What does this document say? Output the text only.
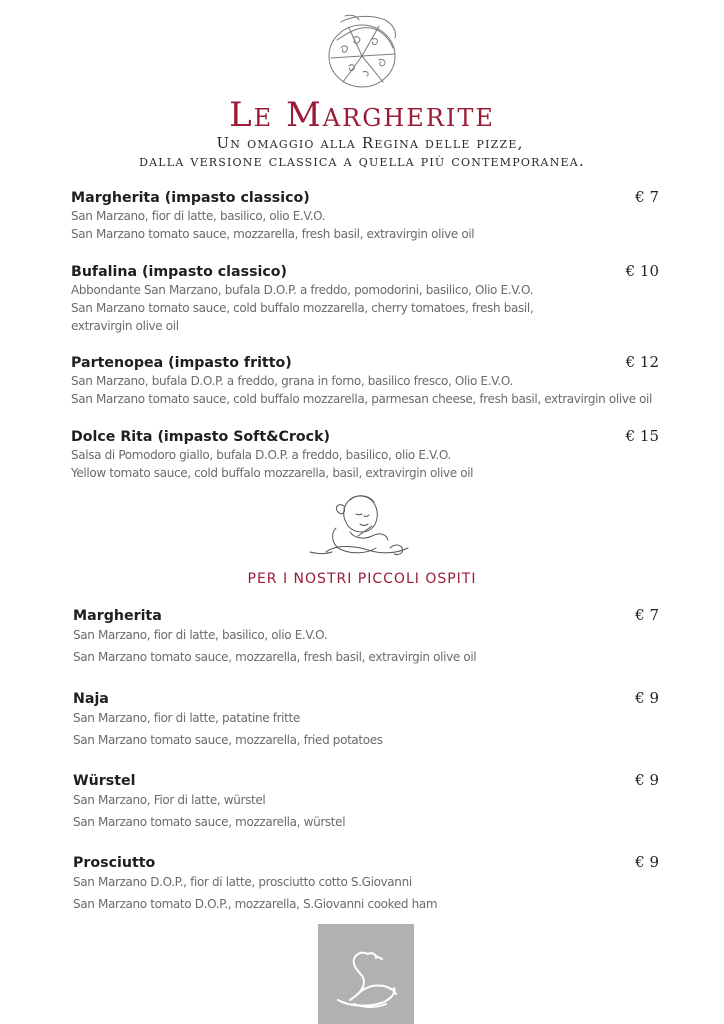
Le Margherite
Un omaggio alla Regina delle pizze,
dalla versione classica a quella più contemporanea.
Margherita (impasto classico)	€ 7
San Marzano, fior di latte, basilico, olio E.V.O.
San Marzano tomato sauce, mozzarella, fresh basil, extravirgin olive oil
Bufalina (impasto classico)	€ 10
Abbondante San Marzano, bufala D.O.P. a freddo, pomodorini, basilico, Olio E.V.O.
San Marzano tomato sauce, cold buffalo mozzarella, cherry tomatoes, fresh basil,
extravirgin olive oil
Partenopea (impasto fritto)	€ 12
San Marzano, bufala D.O.P. a freddo, grana in forno, basilico fresco, Olio E.V.O.
San Marzano tomato sauce, cold buffalo mozzarella, parmesan cheese, fresh basil, extravirgin olive oil
Dolce Rita (impasto Soft&Crock)	€ 15
Salsa di Pomodoro giallo, bufala D.O.P. a freddo, basilico, olio E.V.O.
Yellow tomato sauce, cold buffalo mozzarella, basil, extravirgin olive oil
PER I NOSTRI PICCOLI OSPITI
Margherita	€ 7
San Marzano, fior di latte, basilico, olio E.V.O.
San Marzano tomato sauce, mozzarella, fresh basil, extravirgin olive oil
Naja	€ 9
San Marzano, fior di latte, patatine fritte
San Marzano tomato sauce, mozzarella, fried potatoes
Würstel	€ 9
San Marzano, Fior di latte, würstel
San Marzano tomato sauce, mozzarella, würstel
Prosciutto	€ 9
San Marzano D.O.P., fior di latte, prosciutto cotto S.Giovanni
San Marzano tomato D.O.P., mozzarella, S.Giovanni cooked ham
